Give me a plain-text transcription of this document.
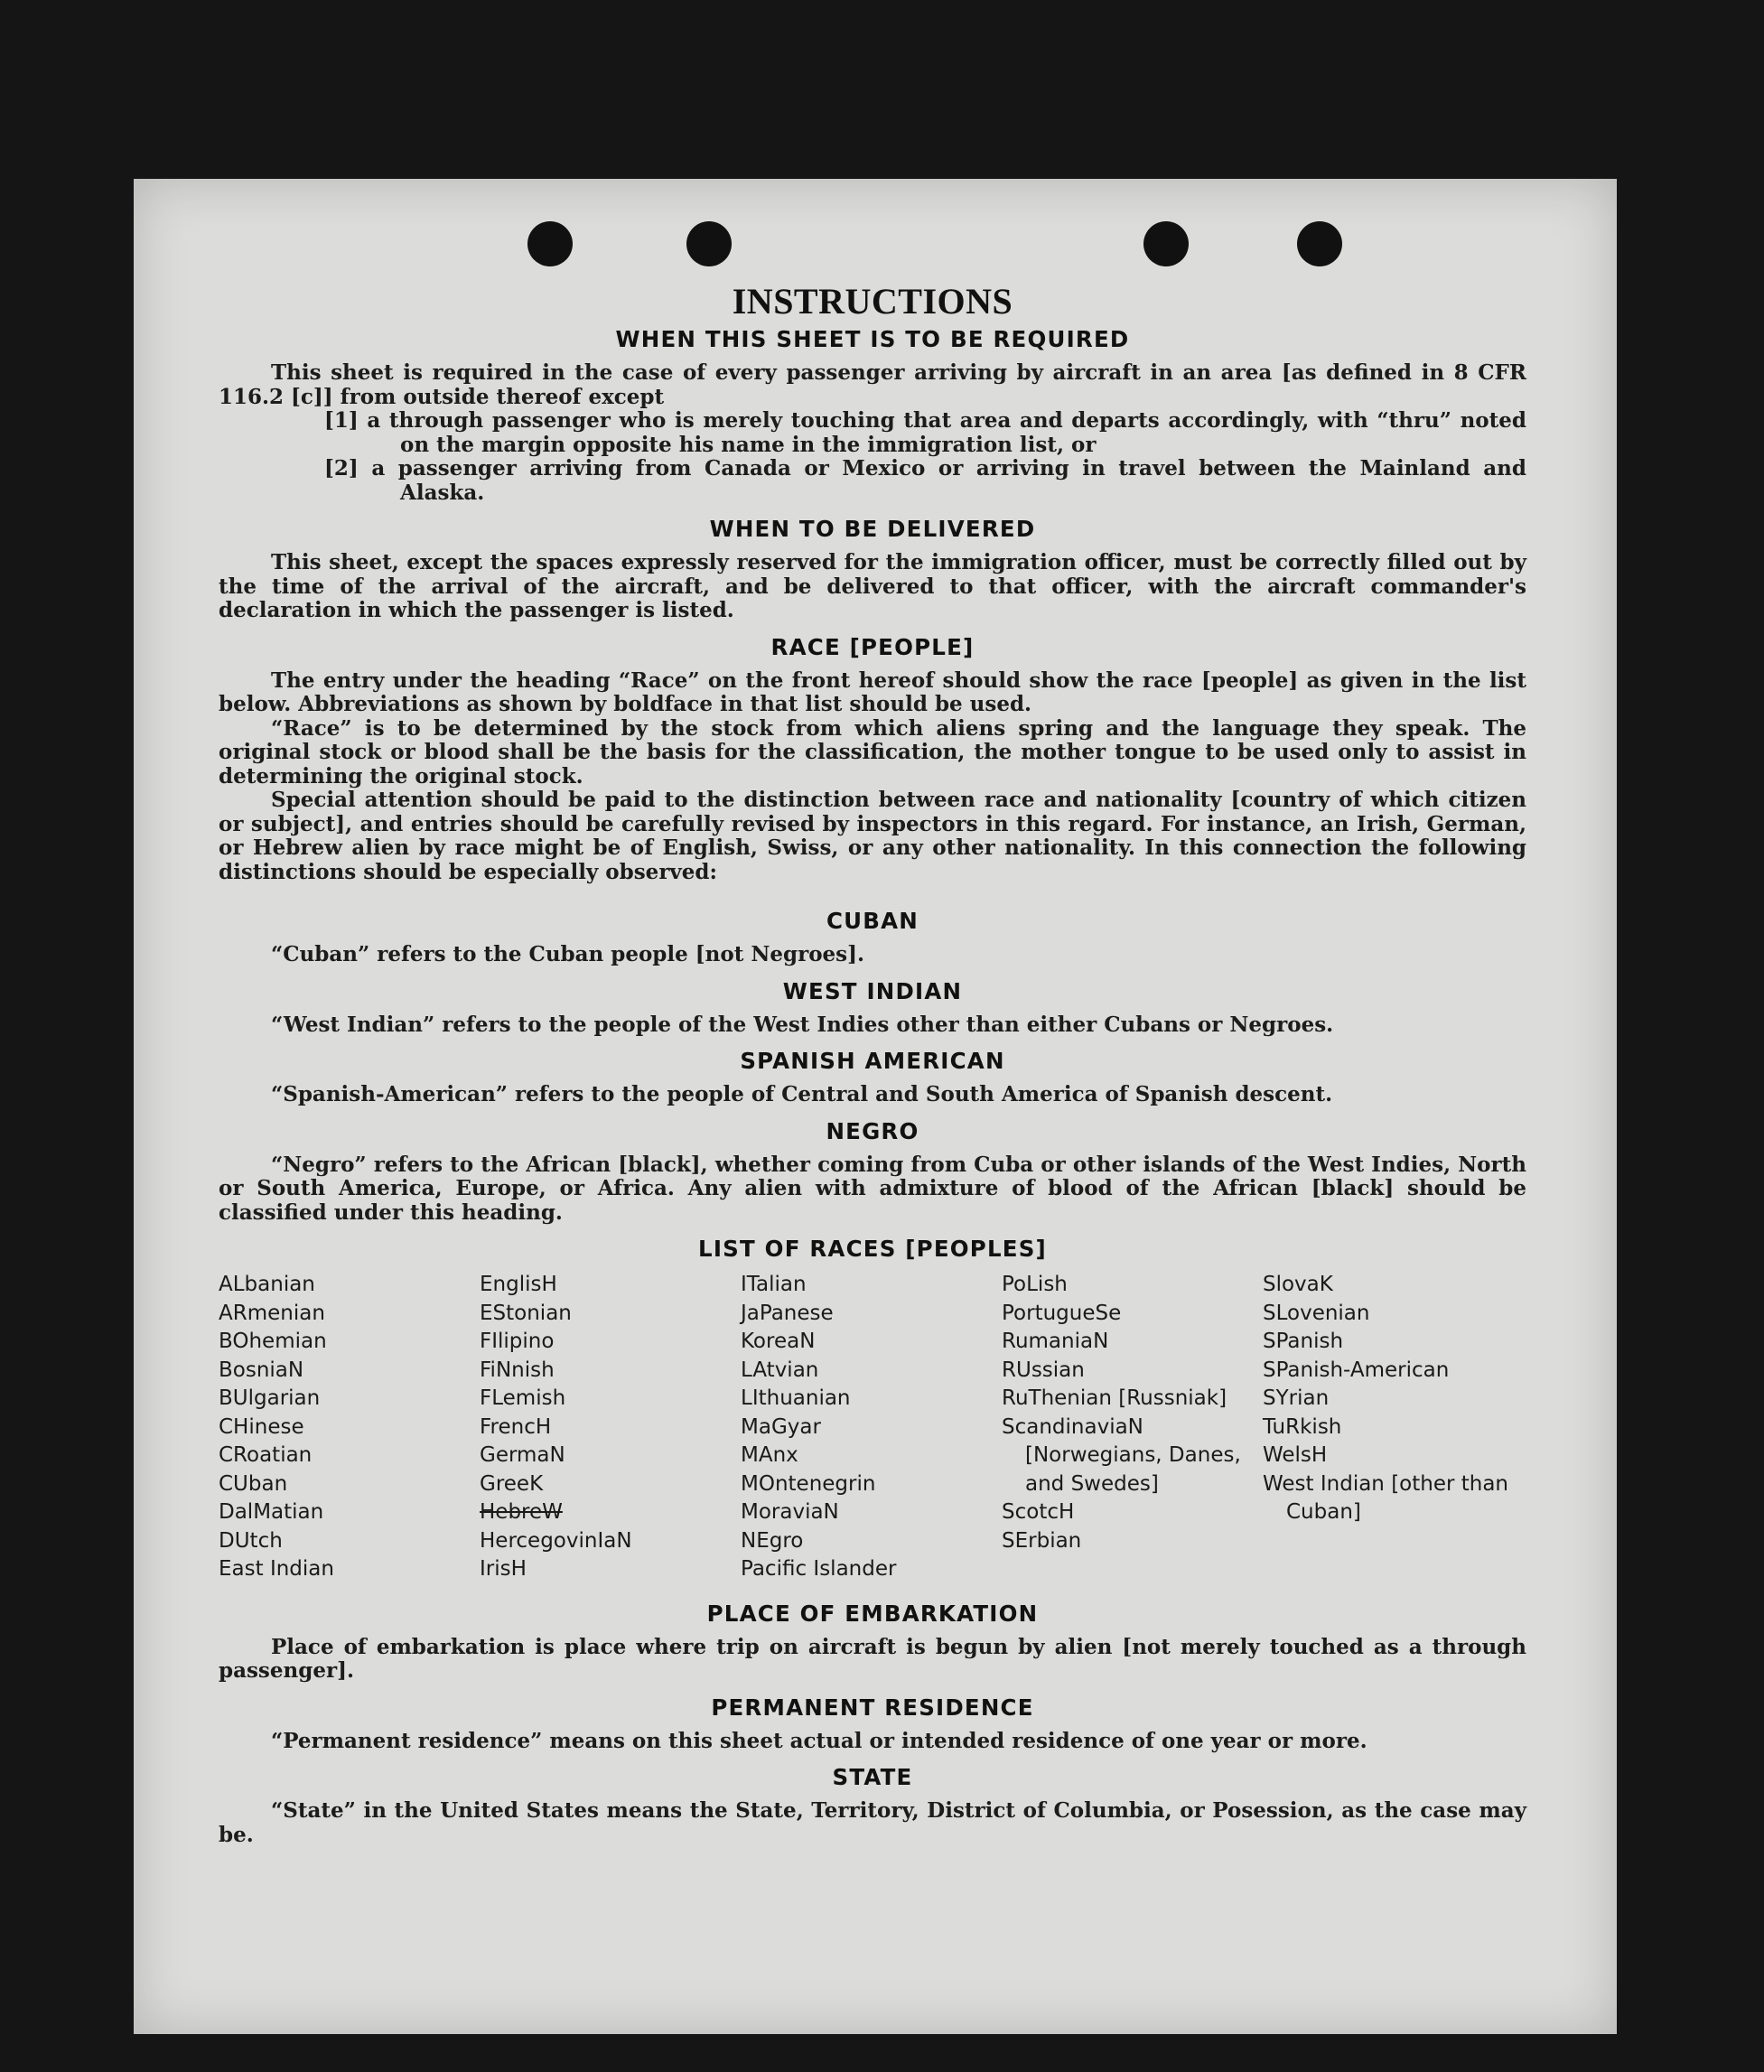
INSTRUCTIONS
WHEN THIS SHEET IS TO BE REQUIRED

This sheet is required in the case of every passenger arriving by aircraft in an area [as defined in 8 CFR 116.2 [c]] from outside thereof except

[1] a through passenger who is merely touching that area and departs accordingly, with “thru” noted on the margin opposite his name in the immigration list, or

[2] a passenger arriving from Canada or Mexico or arriving in travel between the Mainland and Alaska.

WHEN TO BE DELIVERED

This sheet, except the spaces expressly reserved for the immigration officer, must be correctly filled out by the time of the arrival of the aircraft, and be delivered to that officer, with the aircraft commander's declaration in which the passenger is listed.

RACE [PEOPLE]

The entry under the heading “Race” on the front hereof should show the race [people] as given in the list below. Abbreviations as shown by boldface in that list should be used.

“Race” is to be determined by the stock from which aliens spring and the language they speak. The original stock or blood shall be the basis for the classification, the mother tongue to be used only to assist in determining the original stock.

Special attention should be paid to the distinction between race and nationality [country of which citizen or subject], and entries should be carefully revised by inspectors in this regard. For instance, an Irish, German, or Hebrew alien by race might be of English, Swiss, or any other nationality. In this connection the following distinctions should be especially observed:

CUBAN

“Cuban” refers to the Cuban people [not Negroes].

WEST INDIAN

“West Indian” refers to the people of the West Indies other than either Cubans or Negroes.

SPANISH AMERICAN

“Spanish-American” refers to the people of Central and South America of Spanish descent.

NEGRO

“Negro” refers to the African [black], whether coming from Cuba or other islands of the West Indies, North or South America, Europe, or Africa. Any alien with admixture of blood of the African [black] should be classified under this heading.

LIST OF RACES [PEOPLES]
ALbanian
ARmenian
BOhemian
BosniaN
BUlgarian
CHinese
CRoatian
CUban
DalMatian
DUtch
East Indian
EnglisH
EStonian
FIlipino
FiNnish
FLemish
FrencH
GermaN
GreeK
HebreW
HercegovinIaN
IrisH
ITalian
JaPanese
KoreaN
LAtvian
LIthuanian
MaGyar
MAnx
MOntenegrin
MoraviaN
NEgro
Pacific Islander
PoLish
PortugueSe
RumaniaN
RUssian
RuThenian [Russniak]
ScandinaviaN [Norwegians, Danes, and Swedes]
ScotcH
SErbian
SlovaK
SLovenian
SPanish
SPanish-American
SYrian
TuRkish
WelsH
West Indian [other than Cuban]
PLACE OF EMBARKATION

Place of embarkation is place where trip on aircraft is begun by alien [not merely touched as a through passenger].

PERMANENT RESIDENCE

“Permanent residence” means on this sheet actual or intended residence of one year or more.

STATE

“State” in the United States means the State, Territory, District of Columbia, or Posession, as the case may be.
